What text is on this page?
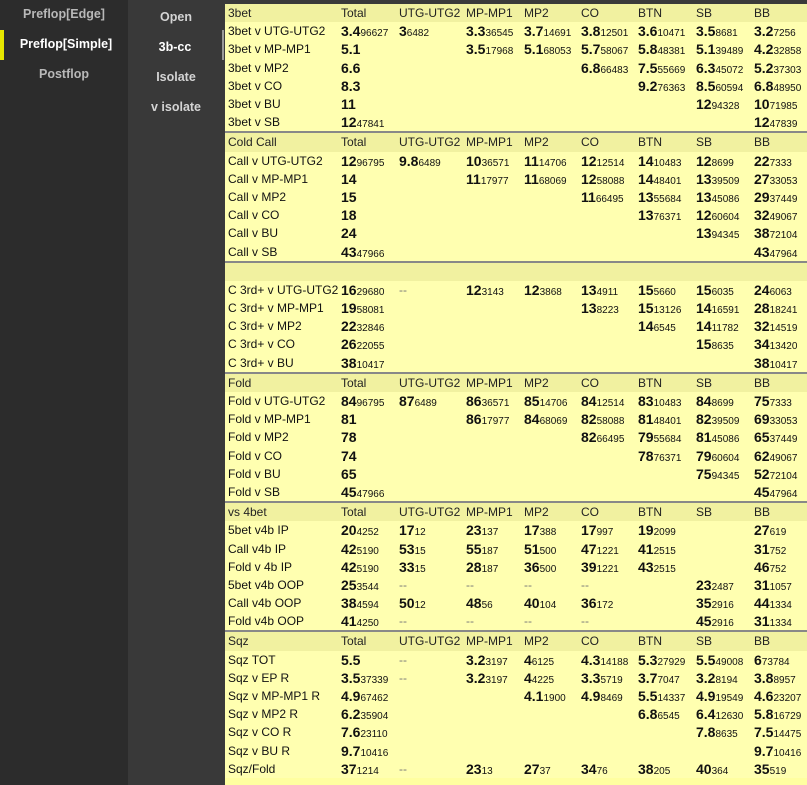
Preflop[Edge]
Preflop[Simple]
Postflop
Open
3b-cc
Isolate
v isolate
3bet	Total	UTG-UTG2	MP-MP1	MP2	CO	BTN	SB	BB
3bet v UTG-UTG2	3.496627	36482	3.336545	3.714691	3.812501	3.610471	3.58681	3.27256
3bet v MP-MP1	5.1		3.517968	5.168053	5.758067	5.848381	5.139489	4.232858
3bet v MP2	6.6				6.866483	7.555669	6.345072	5.237303
3bet v CO	8.3					9.276363	8.560594	6.848950
3bet v BU	11						1294328	1071985
3bet v SB	1247841							1247839
Cold Call	Total	UTG-UTG2	MP-MP1	MP2	CO	BTN	SB	BB
Call v UTG-UTG2	1296795	9.86489	1036571	1114706	1212514	1410483	128699	227333
Call v MP-MP1	14		1117977	1168069	1258088	1448401	1339509	2733053
Call v MP2	15				1166495	1355684	1345086	2937449
Call v CO	18					1376371	1260604	3249067
Call v BU	24						1394345	3872104
Call v SB	4347966							4347964

C 3rd+ v UTG-UTG2	1629680	--	123143	123868	134911	155660	156035	246063
C 3rd+ v MP-MP1	1958081				138223	1513126	1416591	2818241
C 3rd+ v MP2	2232846					146545	1411782	3214519
C 3rd+ v CO	2622055						158635	3413420
C 3rd+ v BU	3810417							3810417
Fold	Total	UTG-UTG2	MP-MP1	MP2	CO	BTN	SB	BB
Fold v UTG-UTG2	8496795	876489	8636571	8514706	8412514	8310483	848699	757333
Fold v MP-MP1	81		8617977	8468069	8258088	8148401	8239509	6933053
Fold v MP2	78				8266495	7955684	8145086	6537449
Fold v CO	74					7876371	7960604	6249067
Fold v BU	65						7594345	5272104
Fold v SB	4547966							4547964
vs 4bet	Total	UTG-UTG2	MP-MP1	MP2	CO	BTN	SB	BB
5bet v4b IP	204252	1712	23137	17388	17997	192099		27619
Call v4b IP	425190	5315	55187	51500	471221	412515		31752
Fold v 4b IP	425190	3315	28187	36500	391221	432515		46752
5bet v4b OOP	253544	--	--	--	--		232487	311057
Call v4b OOP	384594	5012	4856	40104	36172		352916	441334
Fold v4b OOP	414250	--	--	--	--		452916	311334
Sqz	Total	UTG-UTG2	MP-MP1	MP2	CO	BTN	SB	BB
Sqz TOT	5.5	--	3.23197	46125	4.314188	5.327929	5.549008	673784
Sqz v EP R	3.537339	--	3.23197	44225	3.35719	3.77047	3.28194	3.88957
Sqz v MP-MP1 R	4.967462			4.11900	4.98469	5.514337	4.919549	4.623207
Sqz v MP2 R	6.235904					6.86545	6.412630	5.816729
Sqz v CO R	7.623110						7.88635	7.514475
Sqz v BU R	9.710416							9.710416
Sqz/Fold	371214	--	2313	2737	3476	38205	40364	35519
